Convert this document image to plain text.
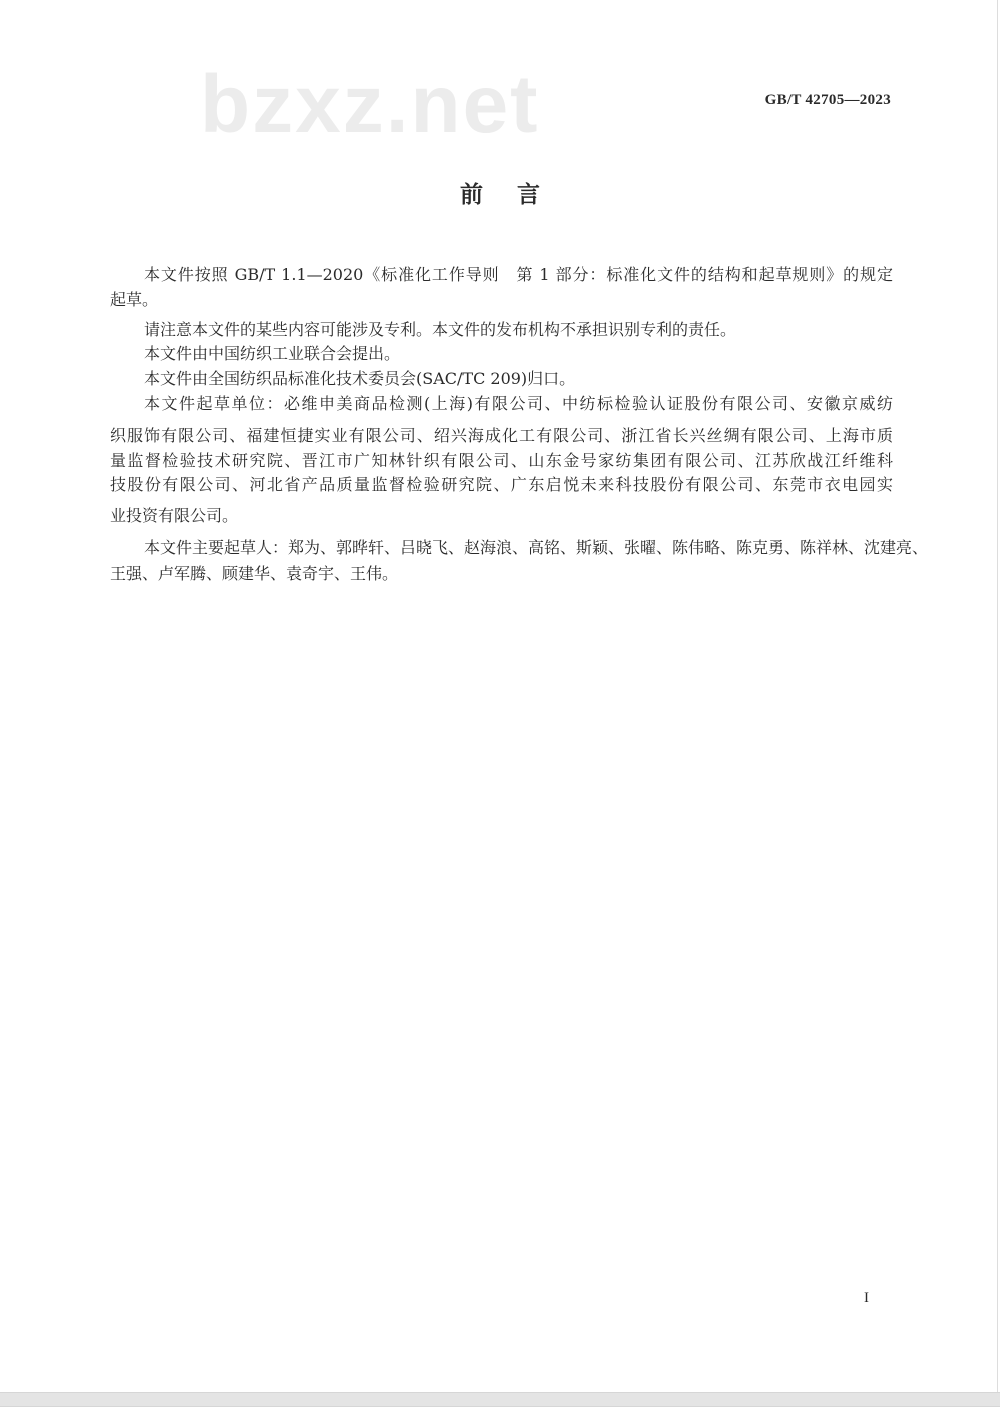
bzxz.net	GB/T 42705—2023
前言
本文件按照 GB/T 1.1—2020《标准化工作导则　第 1 部分：标准化文件的结构和起草规则》的规定
起草。
请注意本文件的某些内容可能涉及专利。本文件的发布机构不承担识别专利的责任。
本文件由中国纺织工业联合会提出。
本文件由全国纺织品标准化技术委员会(SAC/TC 209)归口。
本文件起草单位：必维申美商品检测(上海)有限公司、中纺标检验认证股份有限公司、安徽京威纺
织服饰有限公司、福建恒捷实业有限公司、绍兴海成化工有限公司、浙江省长兴丝绸有限公司、上海市质
量监督检验技术研究院、晋江市广知林针织有限公司、山东金号家纺集团有限公司、江苏欣战江纤维科
技股份有限公司、河北省产品质量监督检验研究院、广东启悦未来科技股份有限公司、东莞市衣电园实
业投资有限公司。
本文件主要起草人：郑为、郭晔轩、吕晓飞、赵海浪、高铭、斯颖、张曜、陈伟略、陈克勇、陈祥林、沈建亮、
王强、卢军腾、顾建华、袁奇宇、王伟。
I
